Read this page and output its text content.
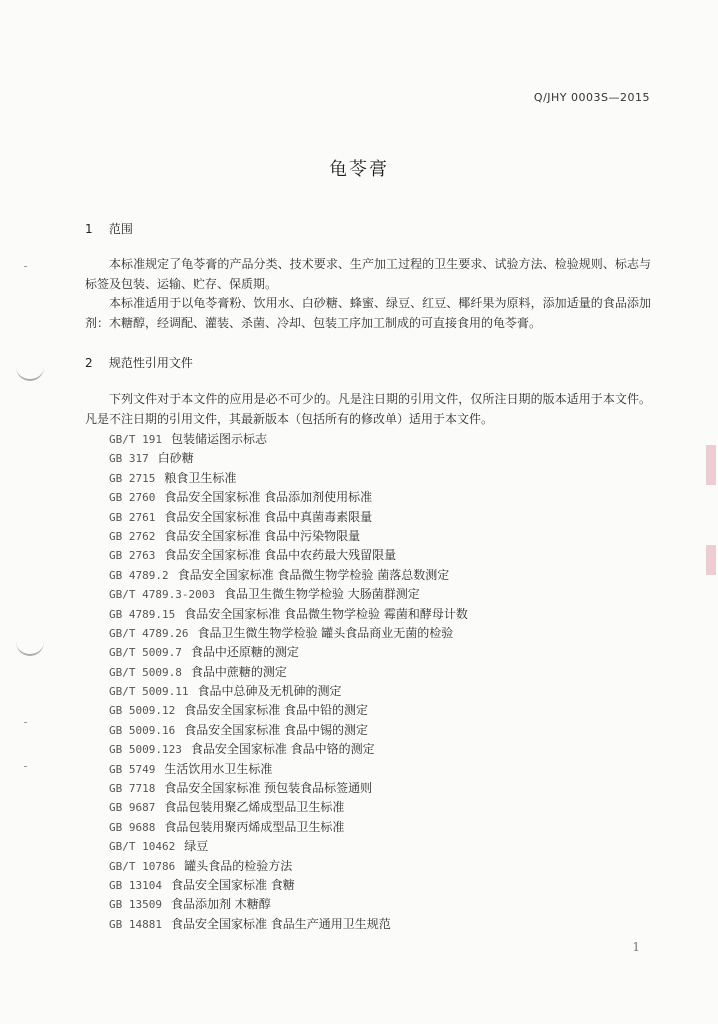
Q/JHY 0003S—2015
龟苓膏
1 范围
本标准规定了龟苓膏的产品分类、技术要求、生产加工过程的卫生要求、试验方法、检验规则、标志与标签及包装、运输、贮存、保质期。
本标准适用于以龟苓膏粉、饮用水、白砂糖、蜂蜜、绿豆、红豆、椰纤果为原料，添加适量的食品添加剂：木糖醇，经调配、灌装、杀菌、冷却、包装工序加工制成的可直接食用的龟苓膏。
2 规范性引用文件
下列文件对于本文件的应用是必不可少的。凡是注日期的引用文件，仅所注日期的版本适用于本文件。凡是不注日期的引用文件，其最新版本（包括所有的修改单）适用于本文件。
GB/T 191 包装储运图示标志
GB 317 白砂糖
GB 2715 粮食卫生标准
GB 2760 食品安全国家标准 食品添加剂使用标准
GB 2761 食品安全国家标准 食品中真菌毒素限量
GB 2762 食品安全国家标准 食品中污染物限量
GB 2763 食品安全国家标准 食品中农药最大残留限量
GB 4789.2 食品安全国家标准 食品微生物学检验 菌落总数测定
GB/T 4789.3-2003 食品卫生微生物学检验 大肠菌群测定
GB 4789.15 食品安全国家标准 食品微生物学检验 霉菌和酵母计数
GB/T 4789.26 食品卫生微生物学检验 罐头食品商业无菌的检验
GB/T 5009.7 食品中还原糖的测定
GB/T 5009.8 食品中蔗糖的测定
GB/T 5009.11 食品中总砷及无机砷的测定
GB 5009.12 食品安全国家标准 食品中铅的测定
GB 5009.16 食品安全国家标准 食品中锡的测定
GB 5009.123 食品安全国家标准 食品中铬的测定
GB 5749 生活饮用水卫生标准
GB 7718 食品安全国家标准 预包装食品标签通则
GB 9687 食品包装用聚乙烯成型品卫生标准
GB 9688 食品包装用聚丙烯成型品卫生标准
GB/T 10462 绿豆
GB/T 10786 罐头食品的检验方法
GB 13104 食品安全国家标准 食糖
GB 13509 食品添加剂 木糖醇
GB 14881 食品安全国家标准 食品生产通用卫生规范
1
